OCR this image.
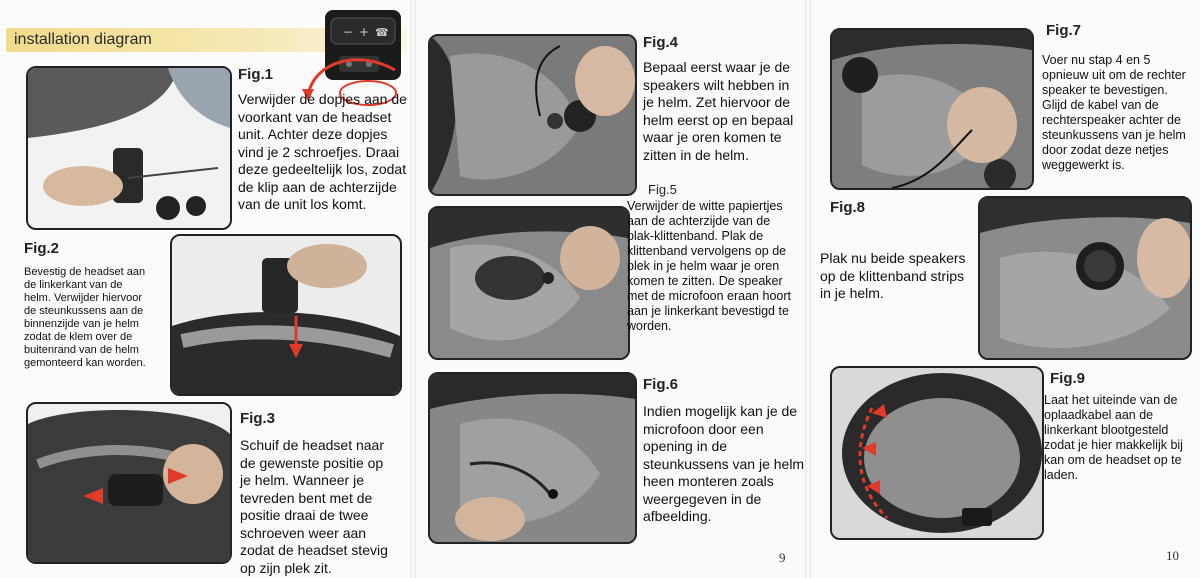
installation diagram	− + ☎
Fig.1
Verwijder de dopjes aan de
voorkant van de headset
unit. Achter deze dopjes
vind je 2 schroefjes. Draai
deze gedeeltelijk los, zodat
de klip aan de achterzijde
van de unit los komt.
Fig.2
Bevestig de headset aan
de linkerkant van de
helm. Verwijder hiervoor
de steunkussens aan de
binnenzijde van je helm
zodat de klem over de
buitenrand van de helm
gemonteerd kan worden.
Fig.3
Schuif de headset naar
de gewenste positie op
je helm. Wanneer je
tevreden bent met de
positie draai de twee
schroeven weer aan
zodat de headset stevig
op zijn plek zit.
Fig.4
Bepaal eerst waar je de
speakers wilt hebben in
je helm. Zet hiervoor de
helm eerst op en bepaal
waar je oren komen te
zitten in de helm.
Fig.5
Verwijder de witte papiertjes
aan de achterzijde van de
plak-klittenband. Plak de
klittenband vervolgens op de
plek in je helm waar je oren
komen te zitten. De speaker
met de microfoon eraan hoort
aan je linkerkant bevestigd te
worden.
Fig.6
Indien mogelijk kan je de
microfoon door een
opening in de
steunkussens van je helm
heen monteren zoals
weergegeven in de
afbeelding.
9
Fig.7
Voer nu stap 4 en 5
opnieuw uit om de rechter
speaker te bevestigen.
Glijd de kabel van de
rechterspeaker achter de
steunkussens van je helm
door zodat deze netjes
weggewerkt is.
Fig.8
Plak nu beide speakers
op de klittenband strips
in je helm.
Fig.9
Laat het uiteinde van de
oplaadkabel aan de
linkerkant blootgesteld
zodat je hier makkelijk bij
kan om de headset op te
laden.
10
